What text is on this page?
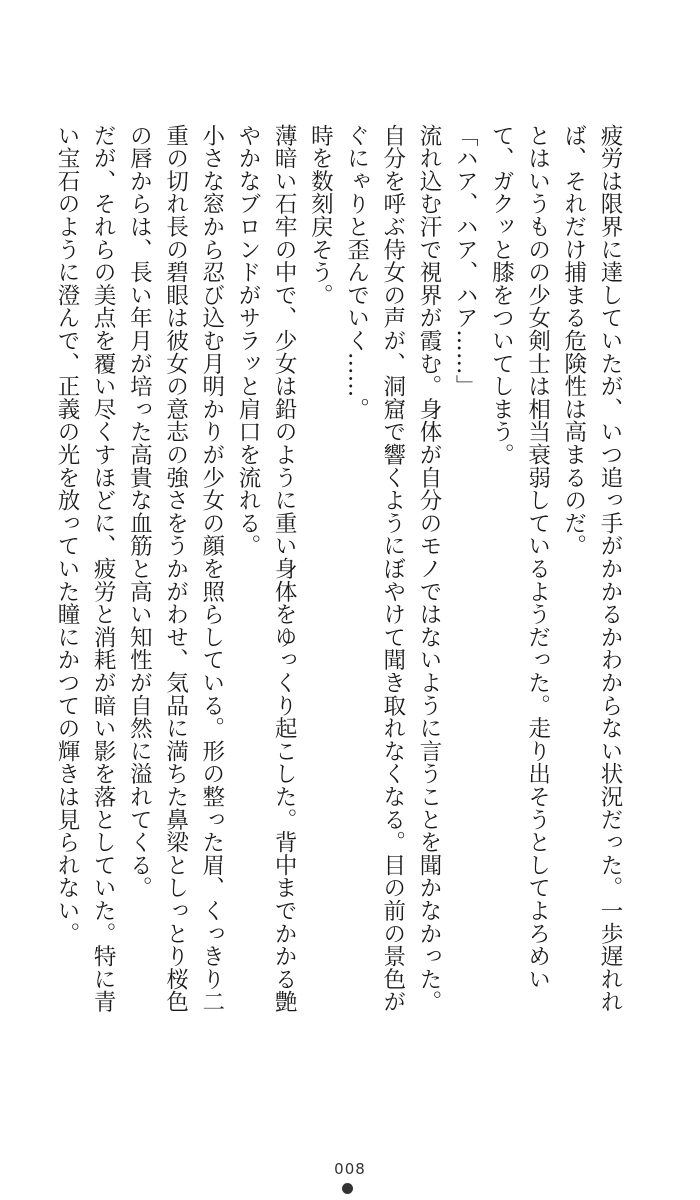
疲労は限界に達していたが、いつ追っ手がかかるかわからない状況だった。一歩遅れれば、それだけ捕まる危険性は高まるのだ。

とはいうものの少女剣士は相当衰弱しているようだった。走り出そうとしてよろめいて、ガクッと膝をついてしまう。

「ハア、ハア、ハア……」

流れ込む汗で視界が霞む。身体が自分のモノではないように言うことを聞かなかった。自分を呼ぶ侍女の声が、洞窟で響くようにぼやけて聞き取れなくなる。目の前の景色がぐにゃりと歪んでいく……。

時を数刻戻そう。

薄暗い石牢の中で、少女は鉛のように重い身体をゆっくり起こした。背中までかかる艶やかなブロンドがサラッと肩口を流れる。

小さな窓から忍び込む月明かりが少女の顔を照らしている。形の整った眉、くっきり二重の切れ長の碧眼は彼女の意志の強さをうかがわせ、気品に満ちた鼻梁としっとり桜色の唇からは、長い年月が培った高貴な血筋と高い知性が自然に溢れてくる。

だが、それらの美点を覆い尽くすほどに、疲労と消耗が暗い影を落としていた。特に青い宝石のように澄んで、正義の光を放っていた瞳にかつての輝きは見られない。

008
